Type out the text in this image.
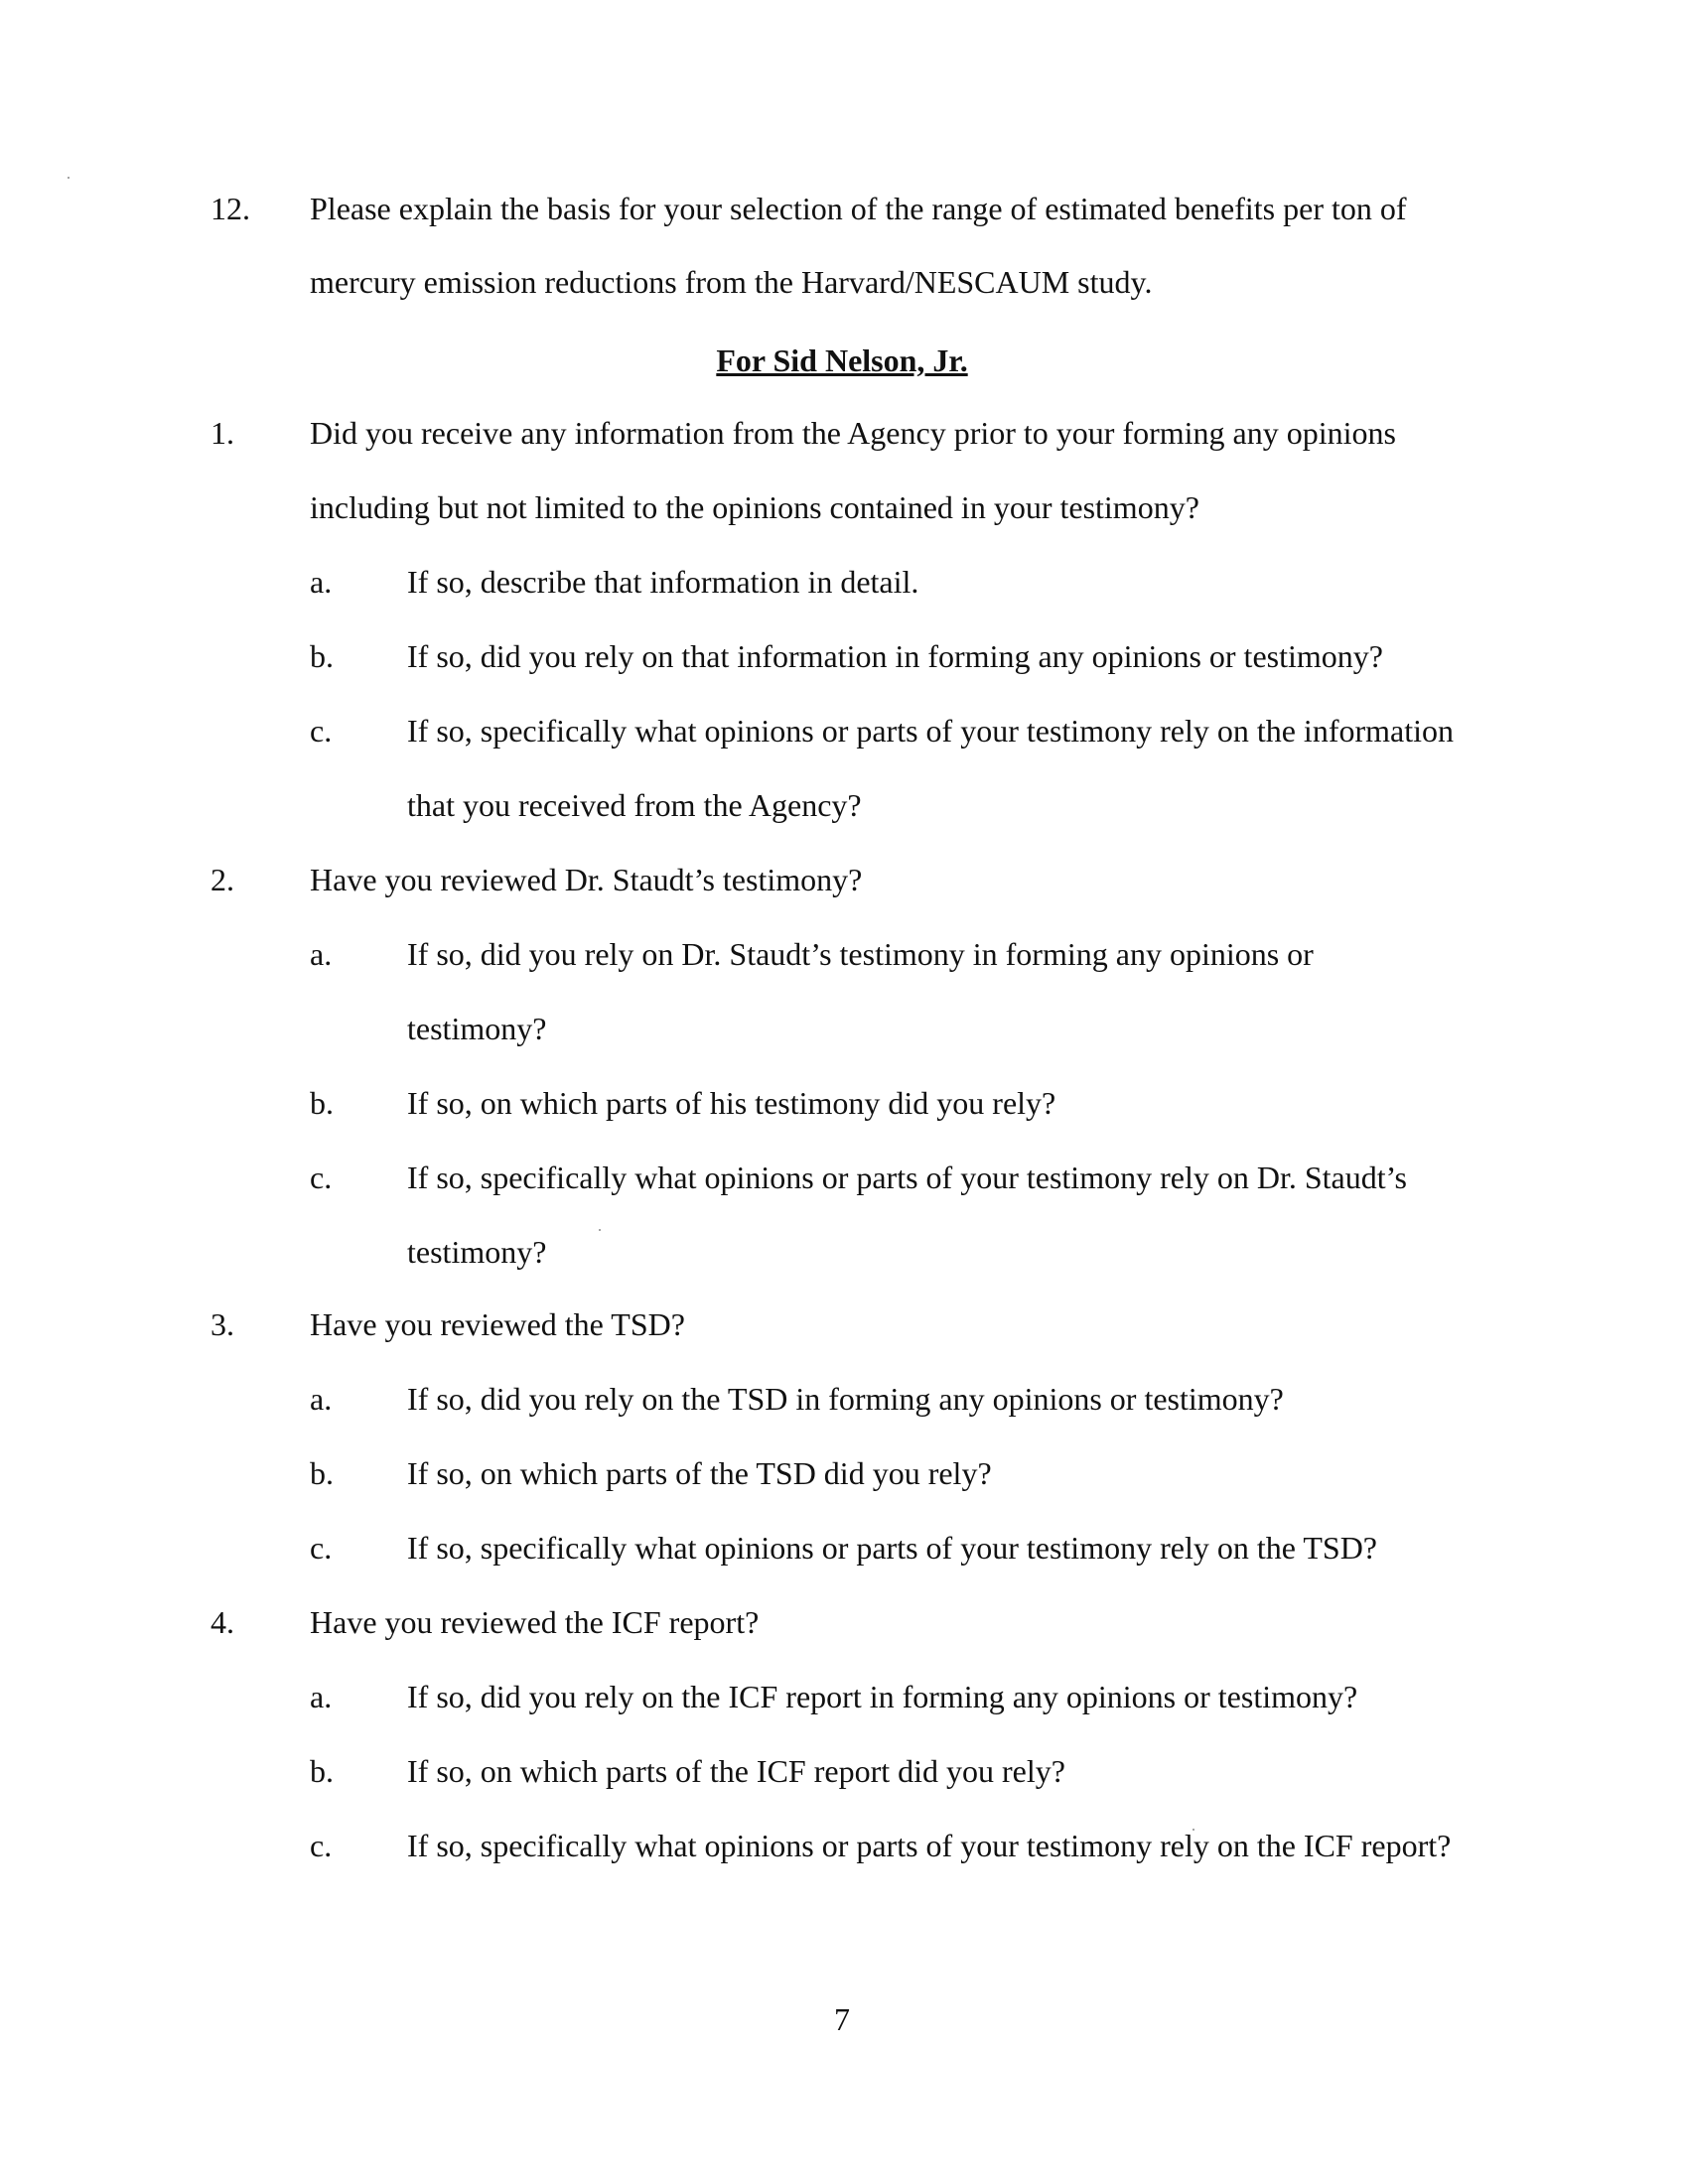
12. Please explain the basis for your selection of the range of estimated benefits per ton of
mercury emission reductions from the Harvard/NESCAUM study.
For Sid Nelson, Jr.
1. Did you receive any information from the Agency prior to your forming any opinions
including but not limited to the opinions contained in your testimony?
a. If so, describe that information in detail.
b. If so, did you rely on that information in forming any opinions or testimony?
c. If so, specifically what opinions or parts of your testimony rely on the information
that you received from the Agency?
2. Have you reviewed Dr. Staudt’s testimony?
a. If so, did you rely on Dr. Staudt’s testimony in forming any opinions or
testimony?
b. If so, on which parts of his testimony did you rely?
c. If so, specifically what opinions or parts of your testimony rely on Dr. Staudt’s
testimony?
3. Have you reviewed the TSD?
a. If so, did you rely on the TSD in forming any opinions or testimony?
b. If so, on which parts of the TSD did you rely?
c. If so, specifically what opinions or parts of your testimony rely on the TSD?
4. Have you reviewed the ICF report?
a. If so, did you rely on the ICF report in forming any opinions or testimony?
b. If so, on which parts of the ICF report did you rely?
c. If so, specifically what opinions or parts of your testimony rely on the ICF report?
7
